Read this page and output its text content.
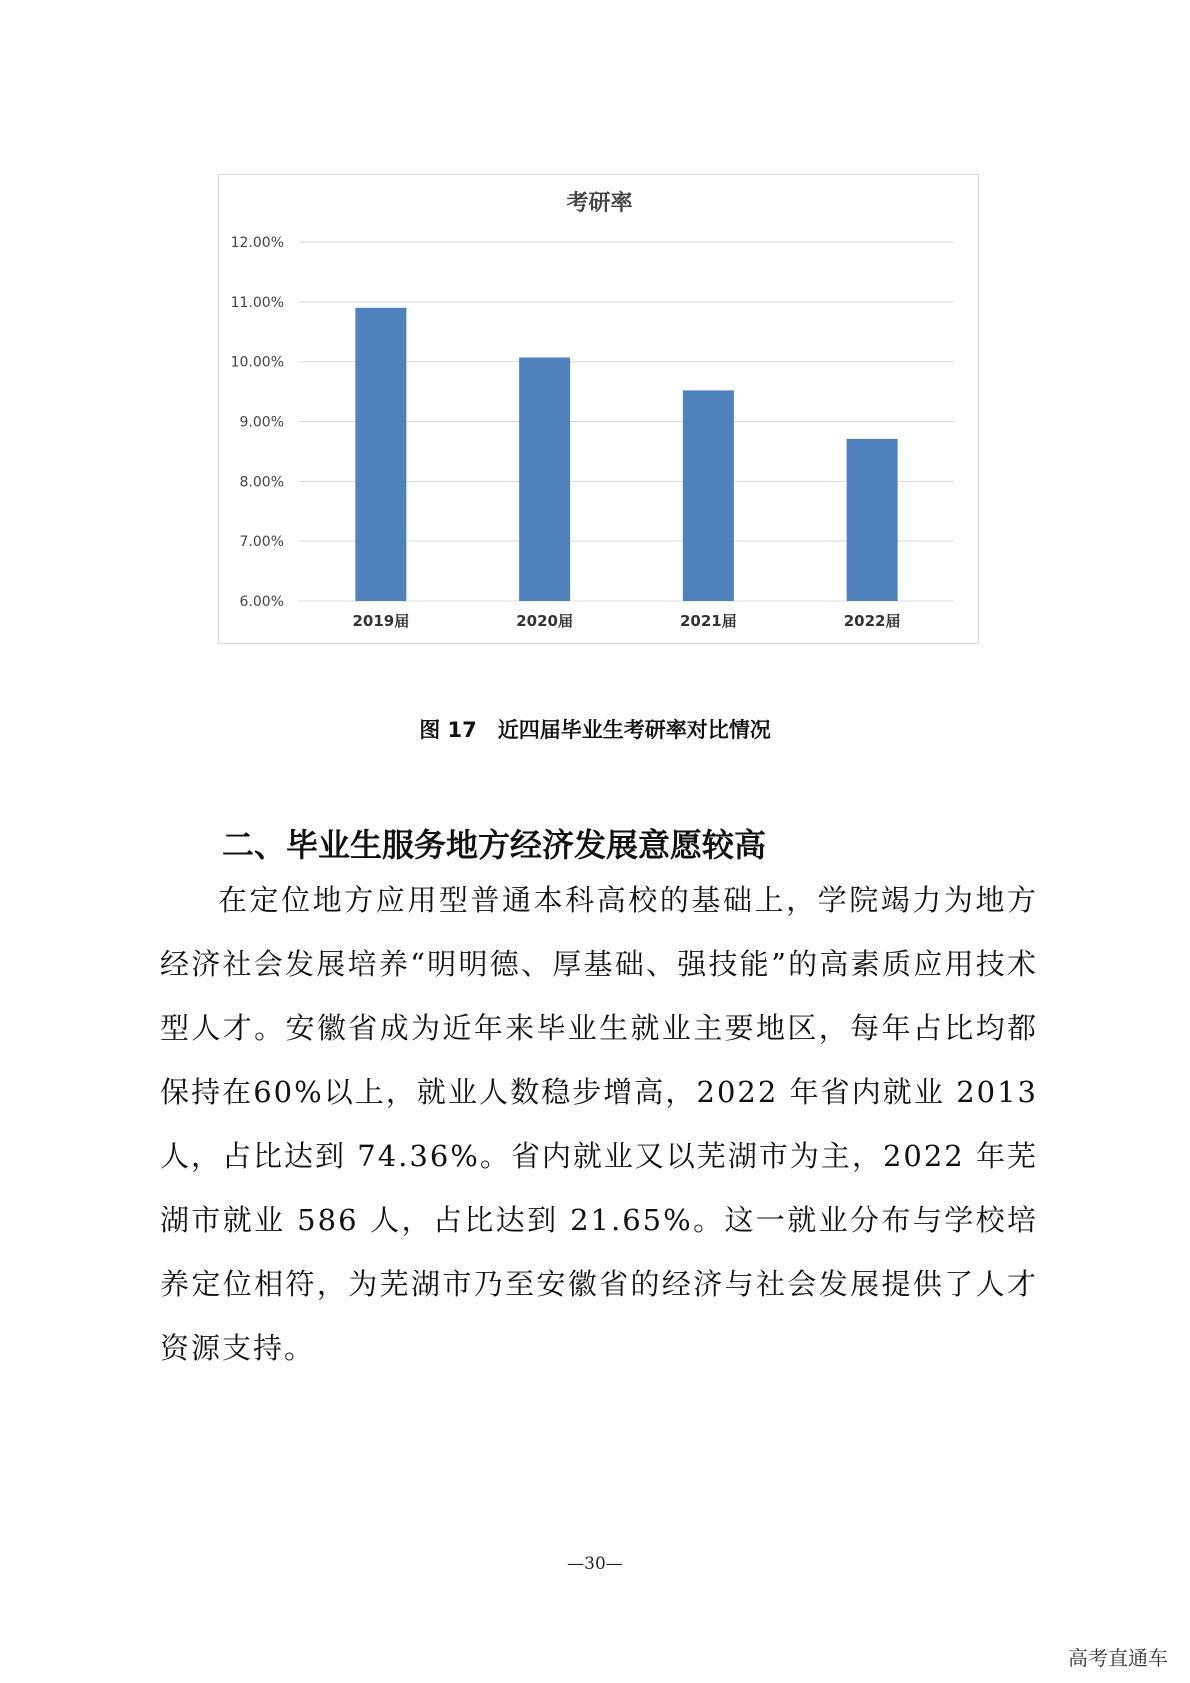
考研率
6.00%
7.00%
8.00%
9.00%
10.00%
11.00%
12.00%
2019届	2020届	2021届	2022届
图 17　近四届毕业生考研率对比情况
二、毕业生服务地方经济发展意愿较高
在定位地方应用型普通本科高校的基础上，学院竭力为地方经济社会发展培养“明明德、厚基础、强技能”的高素质应用技术型人才。安徽省成为近年来毕业生就业主要地区，每年占比均都保持在60%以上，就业人数稳步增高，2022 年省内就业 2013 人，占比达到 74.36%。省内就业又以芜湖市为主，2022 年芜湖市就业 586 人，占比达到 21.65%。这一就业分布与学校培养定位相符，为芜湖市乃至安徽省的经济与社会发展提供了人才资源支持。
—30—
高考直通车
